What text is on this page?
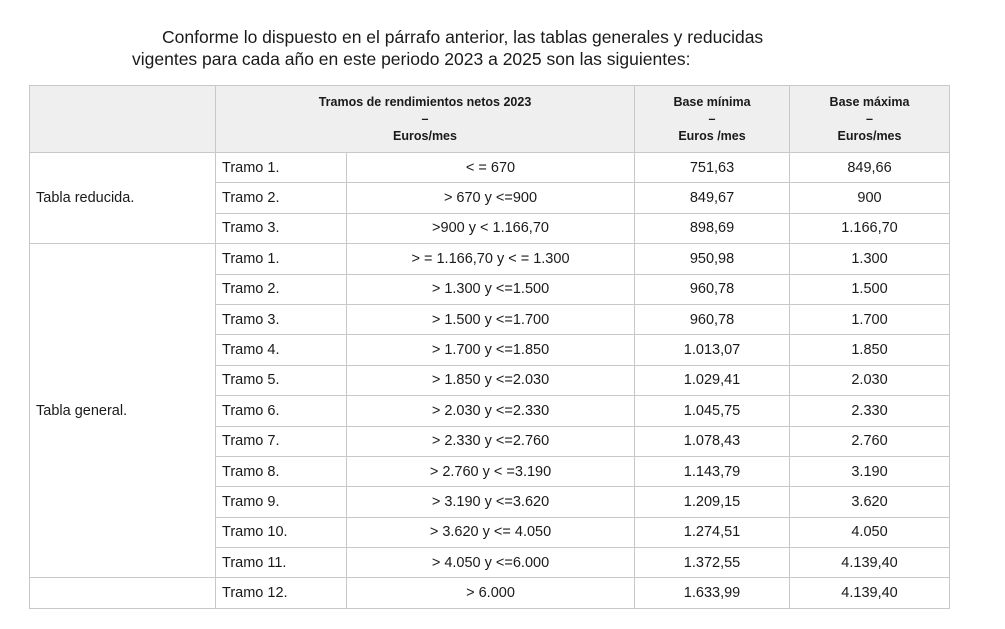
Conforme lo dispuesto en el párrafo anterior, las tablas generales y reducidas

vigentes para cada año en este periodo 2023 a 2025 son las siguientes:

	Tramos de rendimientos netos 2023
–
Euros/mes		Base mínima
–
Euros /mes	Base máxima
–
Euros/mes

Tabla reducida.	Tramo 1.	< = 670	751,63	849,66
	Tramo 2.	> 670 y <=900	849,67	900
	Tramo 3.	>900 y < 1.166,70	898,69	1.166,70
Tabla general.	Tramo 1.	> = 1.166,70 y < = 1.300	950,98	1.300
	Tramo 2.	> 1.300 y <=1.500	960,78	1.500
	Tramo 3.	> 1.500 y <=1.700	960,78	1.700
	Tramo 4.	> 1.700 y <=1.850	1.013,07	1.850
	Tramo 5.	> 1.850 y <=2.030	1.029,41	2.030
	Tramo 6.	> 2.030 y <=2.330	1.045,75	2.330
	Tramo 7.	> 2.330 y <=2.760	1.078,43	2.760
	Tramo 8.	> 2.760 y < =3.190	1.143,79	3.190
	Tramo 9.	> 3.190 y <=3.620	1.209,15	3.620
	Tramo 10.	> 3.620 y <= 4.050	1.274,51	4.050
	Tramo 11.	> 4.050 y <=6.000	1.372,55	4.139,40
	Tramo 12.	> 6.000	1.633,99	4.139,40
